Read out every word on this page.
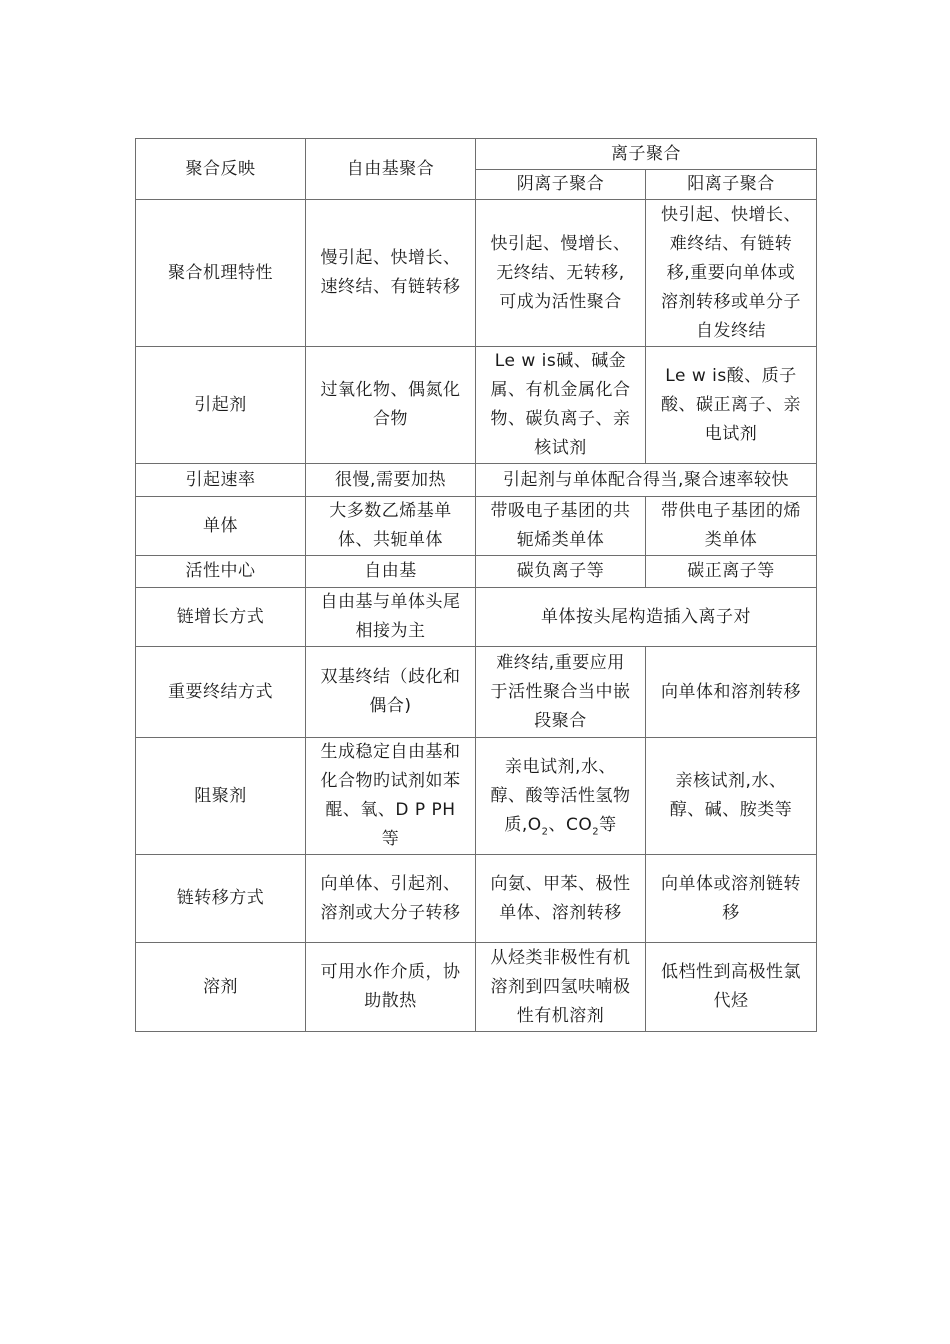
聚合反映	自由基聚合	离子聚合	
		阴离子聚合	阳离子聚合
聚合机理特性	慢引起、快增长、速终结、有链转移	快引起、慢增长、无终结、无转移,可成为活性聚合	快引起、快增长、难终结、有链转移,重要向单体或溶剂转移或单分子自发终结
引起剂	过氧化物、偶氮化合物	Le w is碱、碱金属、有机金属化合物、碳负离子、亲核试剂	Le w is酸、质子酸、碳正离子、亲电试剂
引起速率	很慢,需要加热	引起剂与单体配合得当,聚合速率较快	
单体	大多数乙烯基单体、共轭单体	带吸电子基团的共轭烯类单体	带供电子基团的烯类单体
活性中心	自由基	碳负离子等	碳正离子等
链增长方式	自由基与单体头尾相接为主	单体按头尾构造插入离子对	
重要终结方式	双基终结（歧化和偶合)	难终结,重要应用于活性聚合当中嵌段聚合	向单体和溶剂转移
阻聚剂	生成稳定自由基和化合物旳试剂如苯醌、氧、D P PH等	亲电试剂,水、醇、酸等活性氢物质$,O_2$、$CO_2$等	亲核试剂,水、醇、碱、胺类等
链转移方式	向单体、引起剂、溶剂或大分子转移	向氨、甲苯、极性单体、溶剂转移	向单体或溶剂链转移
溶剂	可用水作介质，协助散热	从烃类非极性有机溶剂到四氢呋喃极性有机溶剂	低档性到高极性氯代烃
